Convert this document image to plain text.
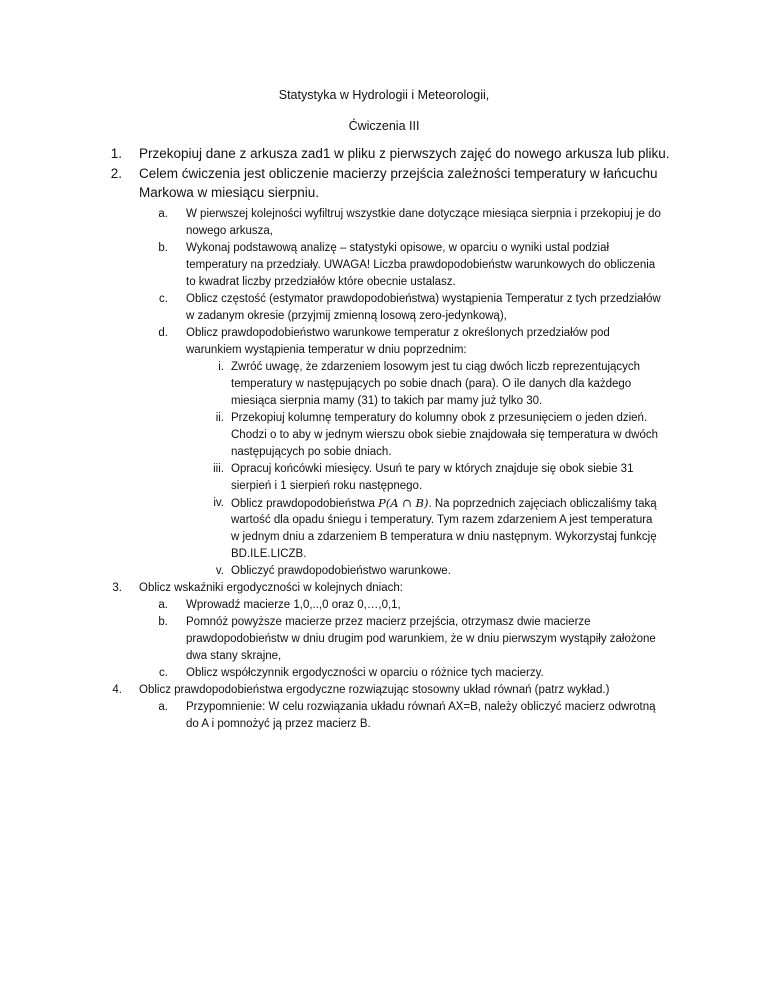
Statystyka w Hydrologii i Meteorologii,
Ćwiczenia III
1. Przekopiuj dane z arkusza zad1 w pliku z pierwszych zajęć do nowego arkusza lub pliku.
2. Celem ćwiczenia jest obliczenie macierzy przejścia zależności temperatury w łańcuchu
Markowa w miesiącu sierpniu.
a. W pierwszej kolejności wyfiltruj wszystkie dane dotyczące miesiąca sierpnia i przekopiuj je do
nowego arkusza,
b. Wykonaj podstawową analizę – statystyki opisowe, w oparciu o wyniki ustal podział
temperatury na przedziały. UWAGA! Liczba prawdopodobieństw warunkowych do obliczenia
to kwadrat liczby przedziałów które obecnie ustalasz.
c. Oblicz częstość (estymator prawdopodobieństwa) wystąpienia Temperatur z tych przedziałów
w zadanym okresie (przyjmij zmienną losową zero-jedynkową),
d. Oblicz prawdopodobieństwo warunkowe temperatur z określonych przedziałów pod
warunkiem wystąpienia temperatur w dniu poprzednim:
i. Zwróć uwagę, że zdarzeniem losowym jest tu ciąg dwóch liczb reprezentujących
temperatury w następujących po sobie dnach (para). O ile danych dla każdego
miesiąca sierpnia mamy (31) to takich par mamy już tylko 30.
ii. Przekopiuj kolumnę temperatury do kolumny obok z przesunięciem o jeden dzień.
Chodzi o to aby w jednym wierszu obok siebie znajdowała się temperatura w dwóch
następujących po sobie dniach.
iii. Opracuj końcówki miesięcy. Usuń te pary w których znajduje się obok siebie 31
sierpień i 1 sierpień roku następnego.
iv. Oblicz prawdopodobieństwa P(A ∩ B). Na poprzednich zajęciach obliczaliśmy taką
wartość dla opadu śniegu i temperatury. Tym razem zdarzeniem A jest temperatura
w jednym dniu a zdarzeniem B temperatura w dniu następnym. Wykorzystaj funkcję
BD.ILE.LICZB.
v. Obliczyć prawdopodobieństwo warunkowe.
3. Oblicz wskaźniki ergodyczności w kolejnych dniach:
a. Wprowadź macierze 1,0,..,0 oraz 0,…,0,1,
b. Pomnóż powyższe macierze przez macierz przejścia, otrzymasz dwie macierze
prawdopodobieństw w dniu drugim pod warunkiem, że w dniu pierwszym wystąpiły założone
dwa stany skrajne,
c. Oblicz współczynnik ergodyczności w oparciu o różnice tych macierzy.
4. Oblicz prawdopodobieństwa ergodyczne rozwiązując stosowny układ równań (patrz wykład.)
a. Przypomnienie: W celu rozwiązania układu równań AX=B, należy obliczyć macierz odwrotną
do A i pomnożyć ją przez macierz B.
